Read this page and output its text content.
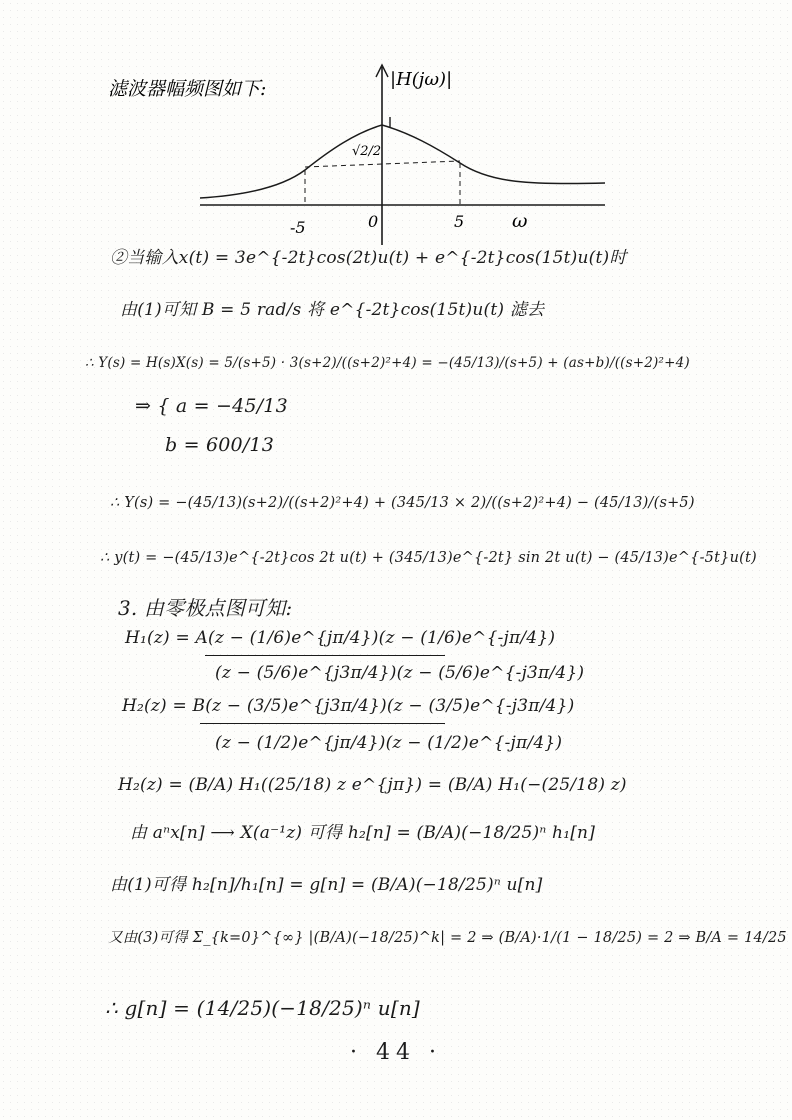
滤波器幅频图如下:	|H(jω)|
√2/2
-5	0	5	ω
②当输入x(t) = 3e^{-2t}cos(2t)u(t) + e^{-2t}cos(15t)u(t)时
由(1)可知 B = 5 rad/s 将 e^{-2t}cos(15t)u(t) 滤去
∴ Y(s) = H(s)X(s) = 5/(s+5) · 3(s+2)/((s+2)²+4) = −(45/13)/(s+5) + (as+b)/((s+2)²+4)
⇒ { a = −45/13
b = 600/13
∴ Y(s) = −(45/13)(s+2)/((s+2)²+4) + (345/13 × 2)/((s+2)²+4) − (45/13)/(s+5)
∴ y(t) = −(45/13)e^{-2t}cos 2t u(t) + (345/13)e^{-2t} sin 2t u(t) − (45/13)e^{-5t}u(t)
3. 由零极点图可知:
H₁(z) = A(z − (1/6)e^{jπ/4})(z − (1/6)e^{-jπ/4})
(z − (5/6)e^{j3π/4})(z − (5/6)e^{-j3π/4})
H₂(z) = B(z − (3/5)e^{j3π/4})(z − (3/5)e^{-j3π/4})
(z − (1/2)e^{jπ/4})(z − (1/2)e^{-jπ/4})
H₂(z) = (B/A) H₁((25/18) z e^{jπ}) = (B/A) H₁(−(25/18) z)
由 aⁿx[n] ⟶ X(a⁻¹z) 可得 h₂[n] = (B/A)(−18/25)ⁿ h₁[n]
由(1)可得 h₂[n]/h₁[n] = g[n] = (B/A)(−18/25)ⁿ u[n]
又由(3)可得 Σ_{k=0}^{∞} |(B/A)(−18/25)^k| = 2 ⇒ (B/A)·1/(1 − 18/25) = 2 ⇒ B/A = 14/25
∴ g[n] = (14/25)(−18/25)ⁿ u[n]
· 44 ·
